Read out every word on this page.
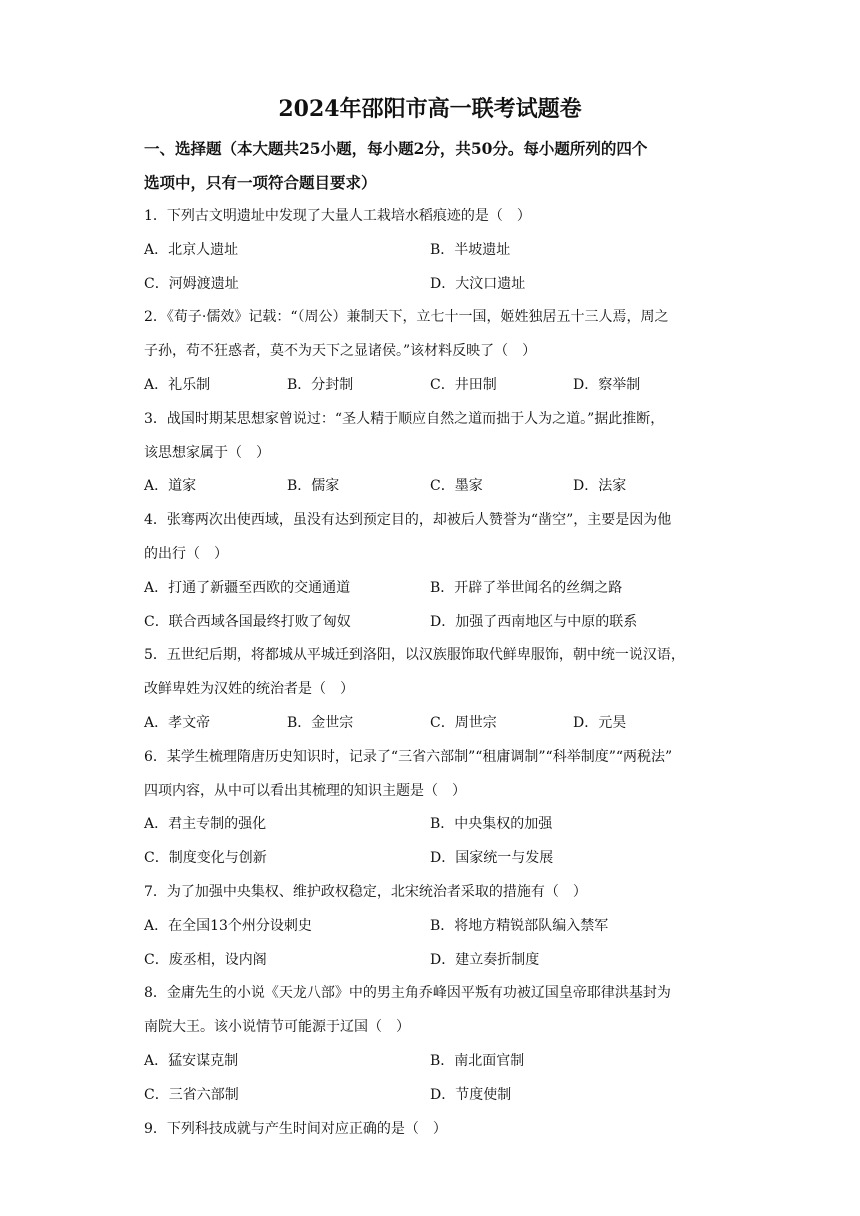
2024年邵阳市高一联考试题卷
一、选择题（本大题共25小题，每小题2分，共50分。每小题所列的四个
选项中，只有一项符合题目要求）
1．下列古文明遗址中发现了大量人工栽培水稻痕迹的是（　）
A．北京人遗址	B．半坡遗址
C．河姆渡遗址	D．大汶口遗址
2．《荀子·儒效》记载：“（周公）兼制天下，立七十一国，姬姓独居五十三人焉，周之
子孙，苟不狂惑者，莫不为天下之显诸侯。”该材料反映了（　）
A．礼乐制	B．分封制	C．井田制	D．察举制
3．战国时期某思想家曾说过：“圣人精于顺应自然之道而拙于人为之道。”据此推断，
该思想家属于（　）
A．道家	B．儒家	C．墨家	D．法家
4．张骞两次出使西域，虽没有达到预定目的，却被后人赞誉为“凿空”，主要是因为他
的出行（　）
A．打通了新疆至西欧的交通通道	B．开辟了举世闻名的丝绸之路
C．联合西域各国最终打败了匈奴	D．加强了西南地区与中原的联系
5．五世纪后期，将都城从平城迁到洛阳，以汉族服饰取代鲜卑服饰，朝中统一说汉语，
改鲜卑姓为汉姓的统治者是（　）
A．孝文帝	B．金世宗	C．周世宗	D．元昊
6．某学生梳理隋唐历史知识时，记录了“三省六部制”“租庸调制”“科举制度”“两税法”
四项内容，从中可以看出其梳理的知识主题是（　）
A．君主专制的强化	B．中央集权的加强
C．制度变化与创新	D．国家统一与发展
7．为了加强中央集权、维护政权稳定，北宋统治者采取的措施有（　）
A．在全国13个州分设刺史	B．将地方精锐部队编入禁军
C．废丞相，设内阁	D．建立奏折制度
8．金庸先生的小说《天龙八部》中的男主角乔峰因平叛有功被辽国皇帝耶律洪基封为
南院大王。该小说情节可能源于辽国（　）
A．猛安谋克制	B．南北面官制
C．三省六部制	D．节度使制
9．下列科技成就与产生时间对应正确的是（　）
